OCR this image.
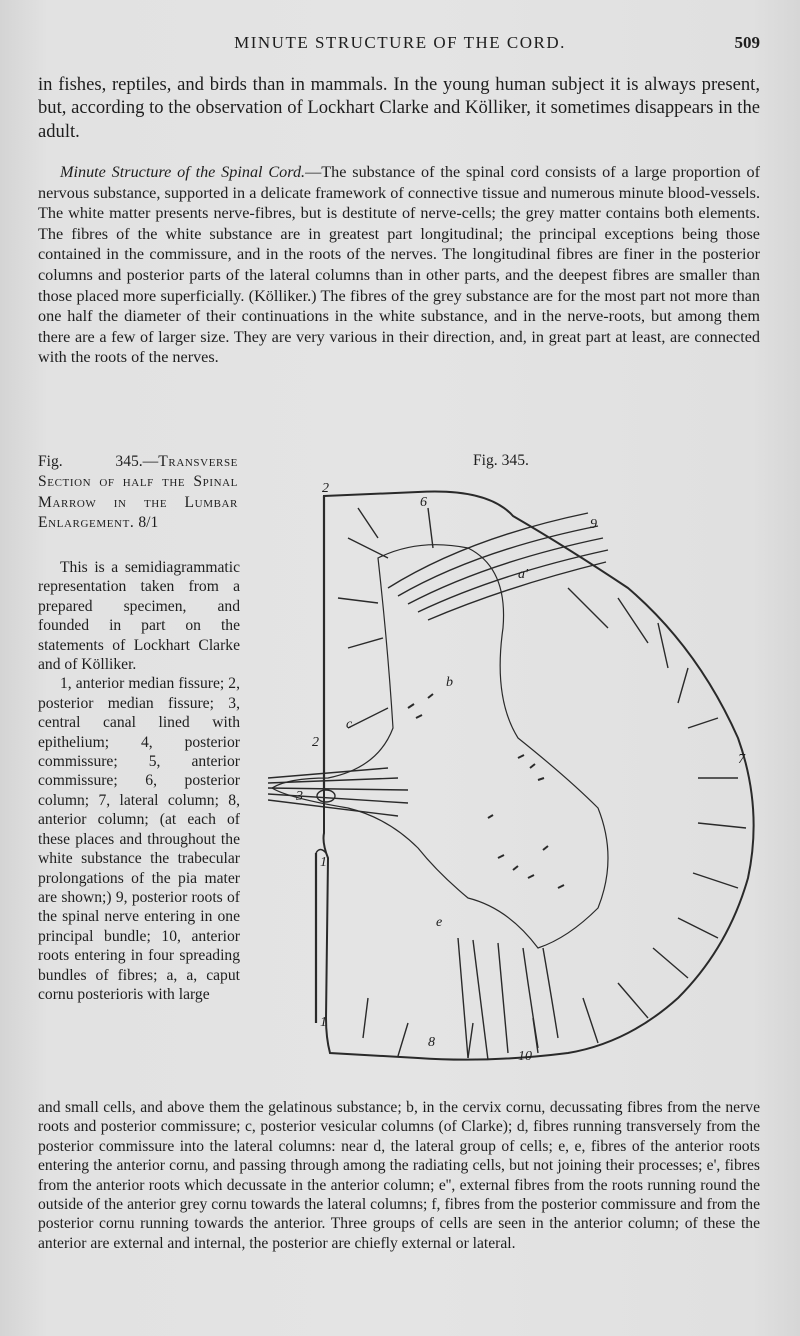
MINUTE STRUCTURE OF THE CORD.	509
in fishes, reptiles, and birds than in mammals. In the young human subject it is always present, but, according to the observation of Lockhart Clarke and Kölliker, it sometimes disappears in the adult.
Minute Structure of the Spinal Cord.—The substance of the spinal cord consists of a large proportion of nervous substance, supported in a delicate framework of connective tissue and numerous minute blood-vessels. The white matter presents nerve-fibres, but is destitute of nerve-cells; the grey matter contains both elements. The fibres of the white substance are in greatest part longitudinal; the principal exceptions being those contained in the commissure, and in the roots of the nerves. The longitudinal fibres are finer in the posterior columns and posterior parts of the lateral columns than in other parts, and the deepest fibres are smaller than those placed more superficially. (Kölliker.) The fibres of the grey substance are for the most part not more than one half the diameter of their continuations in the white substance, and in the nerve-roots, but among them there are a few of larger size. They are very various in their direction, and, in great part at least, are connected with the roots of the nerves.
Fig. 345.—Transverse Section of half the Spinal Marrow in the Lumbar Enlargement. 8/1
Fig. 345.

This is a semidiagrammatic representation taken from a prepared specimen, and founded in part on the statements of Lockhart Clarke and of Kölliker.

1, anterior median fissure; 2, posterior median fissure; 3, central canal lined with epithelium; 4, posterior commissure; 5, anterior commissure; 6, posterior column; 7, lateral column; 8, anterior column; (at each of these places and throughout the white substance the trabecular prolongations of the pia mater are shown;) 9, posterior roots of the spinal nerve entering in one principal bundle; 10, anterior roots entering in four spreading bundles of fibres; a, a, caput cornu posterioris with large

2
6
9
a'
b
c
2
3
7
1
e
1
8
10
and small cells, and above them the gelatinous substance; b, in the cervix cornu, decussating fibres from the nerve roots and posterior commissure; c, posterior vesicular columns (of Clarke); d, fibres running transversely from the posterior commissure into the lateral columns: near d, the lateral group of cells; e, e, fibres of the anterior roots entering the anterior cornu, and passing through among the radiating cells, but not joining their processes; e', fibres from the anterior roots which decussate in the anterior column; e'', external fibres from the roots running round the outside of the anterior grey cornu towards the lateral columns; f, fibres from the posterior commissure and from the posterior cornu running towards the anterior. Three groups of cells are seen in the anterior column; of these the anterior are external and internal, the posterior are chiefly external or lateral.
